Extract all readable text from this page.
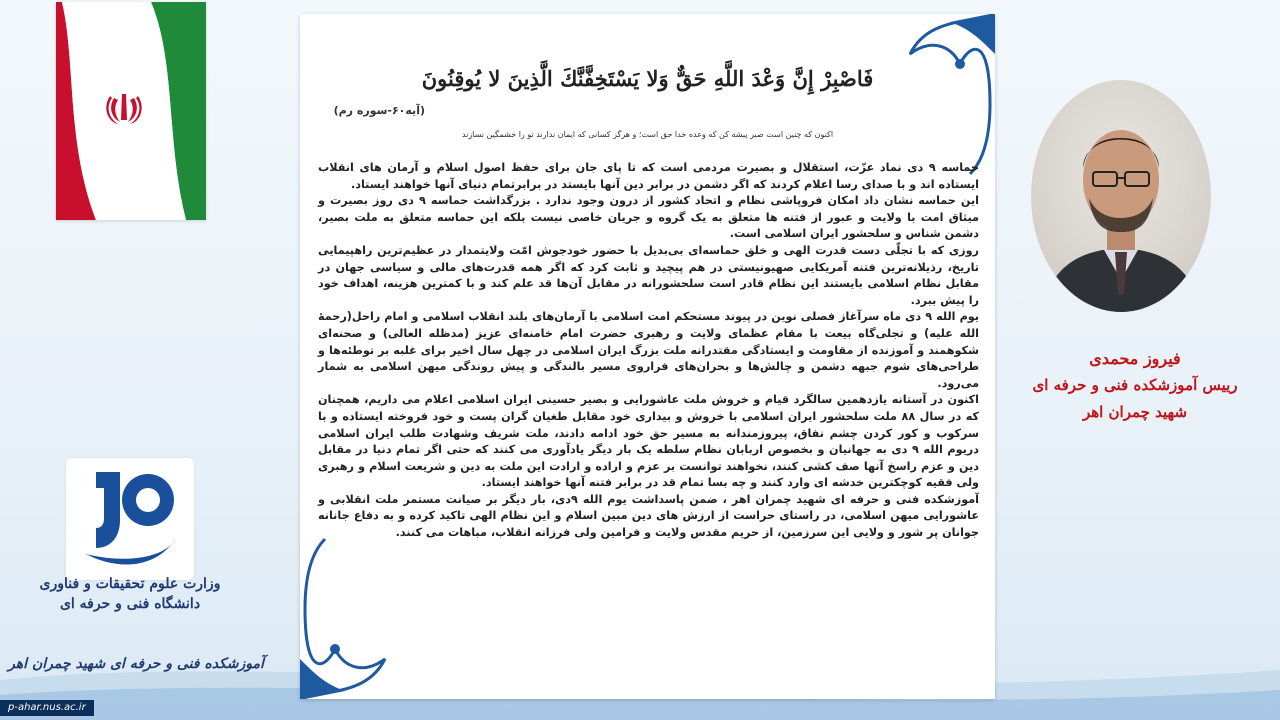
فَاصْبِرْ إِنَّ وَعْدَ اللَّهِ حَقٌّ وَلا يَسْتَخِفَّنَّكَ الَّذِينَ لا يُوقِنُونَ
(آیه۶۰-سوره رم)
اکنون که چنین است صبر پیشه کن که وعده خدا حق است؛ و هرگز کسانی که ایمان ندارند تو را خشمگین نسازند

حماسه ۹ دی نماد عزّت، استقلال و بصیرت مردمی است که تا پای جان برای حفظ اصول اسلام و آرمان های انقلاب ایستاده اند و با صدای رسا اعلام کردند که اگر دشمن در برابر دین آنها بایستد در برابرتمام دنیای آنها خواهند ایستاد.

این حماسه نشان داد امکان فروپاشی نظام و اتحاد کشور از درون وجود ندارد . بزرگداشت حماسه ۹ دی روز بصیرت و میثاق امت با ولایت و عبور از فتنه ها متعلق به یک گروه و جریان خاصی نیست بلکه این حماسه متعلق به ملت بصیر، دشمن شناس و سلحشور ایران اسلامی است.

روزی که با تجلّی دست قدرت الهی و خلق حماسه‌ای بی‌بدیل با حضور خودجوش امّت ولایتمدار در عظیم‌ترین راهپیمایی تاریخ، رذیلانه‌ترین فتنه آمریکایی صهیونیستی در هم پیچید و ثابت کرد که اگر همه قدرت‌های مالی و سیاسی جهان در مقابل نظام اسلامی بایستند این نظام قادر است سلحشورانه در مقابل آن‌ها قد علم کند و با کمترین هزینه، اهداف خود را پیش ببرد.

یوم الله ۹ دی ماه سرآغاز فصلی نوین در پیوند مستحکم امت اسلامی با آرمان‌های بلند انقلاب اسلامی و امام راحل(رحمهٔ الله علیه) و تجلی‌گاه بیعت با مقام عظمای ولایت و رهبری حضرت امام خامنه‌ای عزیز (مدظله العالی) و صحنه‌ای شکوهمند و آموزنده از مقاومت و ایستادگی مقتدرانه ملت بزرگ ایران اسلامی در چهل سال اخیر برای غلبه بر توطئه‌ها و طراحی‌های شوم جبهه دشمن و چالش‌ها و بحران‌های فراروی مسیر بالندگی و پیش روندگی میهن اسلامی به شمار می‌رود.

اکنون در آستانه یازدهمین سالگرد قیام و خروش ملت عاشورایی و بصیر حسینی ایران اسلامی اعلام می داریم، همچنان که در سال ۸۸ ملت سلحشور ایران اسلامی با خروش و بیداری خود مقابل طغیان گران پست و خود فروخته ایستاده و با سرکوب و کور کردن چشم نفاق، پیروزمندانه به مسیر حق خود ادامه دادند، ملت شریف وشهادت طلب ایران اسلامی دریوم الله ۹ دی به جهانیان و بخصوص اربابان نظام سلطه یک بار دیگر یادآوری می کنند که حتی اگر تمام دنیا در مقابل دین و عزم راسخ آنها صف کشی کنند، نخواهند توانست بر عزم و اراده و ارادت این ملت به دین و شریعت اسلام و رهبری ولی فقیه کوچکترین خدشه ای وارد کنند و چه بسا تمام قد در برابر فتنه آنها خواهند ایستاد.

آموزشکده فنی و حرفه ای شهید چمران اهر ، ضمن پاسداشت یوم الله ۹دی، بار دیگر بر صیانت مستمر ملت انقلابی و عاشورایی میهن اسلامی، در راستای حراست از ارزش های دین مبین اسلام و این نظام الهی تاکید کرده و به دفاع جانانه جوانان پر شور و ولایی این سرزمین، از حریم مقدس ولایت و فرامین ولی فرزانه انقلاب، مباهات می کنند.

فیروز محمدی
رییس آموزشکده فنی و حرفه ای
شهید چمران اهر
وزارت علوم تحقیقات و فناوری
دانشگاه فنی و حرفه ای
آموزشکده فنی و حرفه ای شهید چمران اهر
p-ahar.nus.ac.ir
